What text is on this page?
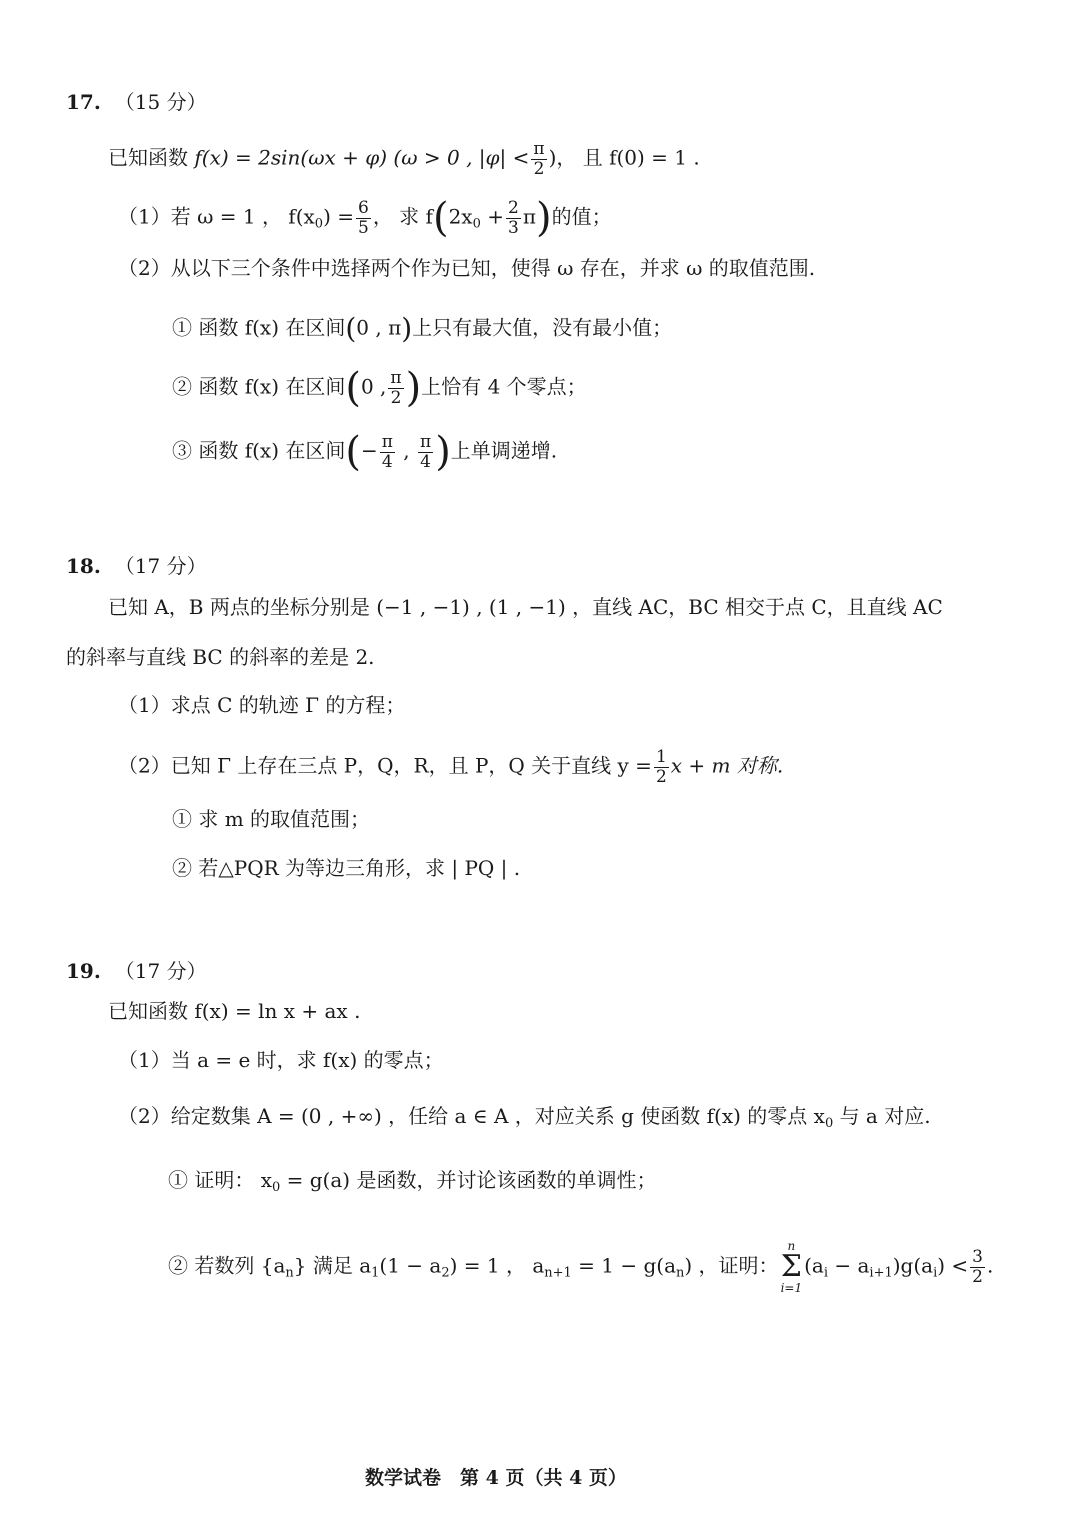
17. （15 分）
已知函数 f(x) = 2sin(ωx + φ) (ω > 0 , $|\varphi| < \frac{\pi}{2}$ )， 且 f(0) = 1 .
（1）若 ω = 1 ， $f(x_0) = \frac{6}{5}$ ， 求 $f(2x_0 + \frac{2}{3} \pi)$的值；
（2）从以下三个条件中选择两个作为已知，使得 ω 存在，并求 ω 的取值范围.
① 函数 f(x) 在区间(0 , π)上只有最大值，没有最小值；
② 函数 f(x) 在区间(0 , $\frac{\pi}{2}$ )上恰有 4 个零点；
③ 函数 f(x) 在区间(− $\frac{\pi}{4}$ , $\frac{\pi}{4}$ )上单调递增.
18. （17 分）
已知 A，B 两点的坐标分别是 (−1 , −1) , (1 , −1) ，直线 AC，BC 相交于点 C，且直线 AC
的斜率与直线 BC 的斜率的差是 2.
（1）求点 C 的轨迹 Γ 的方程；
（2）已知 Γ 上存在三点 P，Q，R，且 P，Q 关于直线 $y = \frac{1}{2}$ x + m 对称.
① 求 m 的取值范围；
② 若△PQR 为等边三角形，求 | PQ | .
19. （17 分）
已知函数 f(x) = ln x + ax .
（1）当 a = e 时，求 f(x) 的零点；
（2）给定数集 A = (0 , +∞) ，任给 a ∈ A ，对应关系 g 使函数 f(x) 的零点 $x_0$ 与 a 对应.
① 证明： $x_0 = g(a)$ 是函数，并讨论该函数的单调性；
② 若数列 $\{a_n\}$ 满足 $a_1(1 - a_2) = 1$ ， $a_{n+1} = 1 - g(a_n)$ ，证明：
n
Σ
i=1
$(a_i - a_{i+1})g(a_i) < \frac{3}{2}$ .
数学试卷　第 4 页（共 4 页）
